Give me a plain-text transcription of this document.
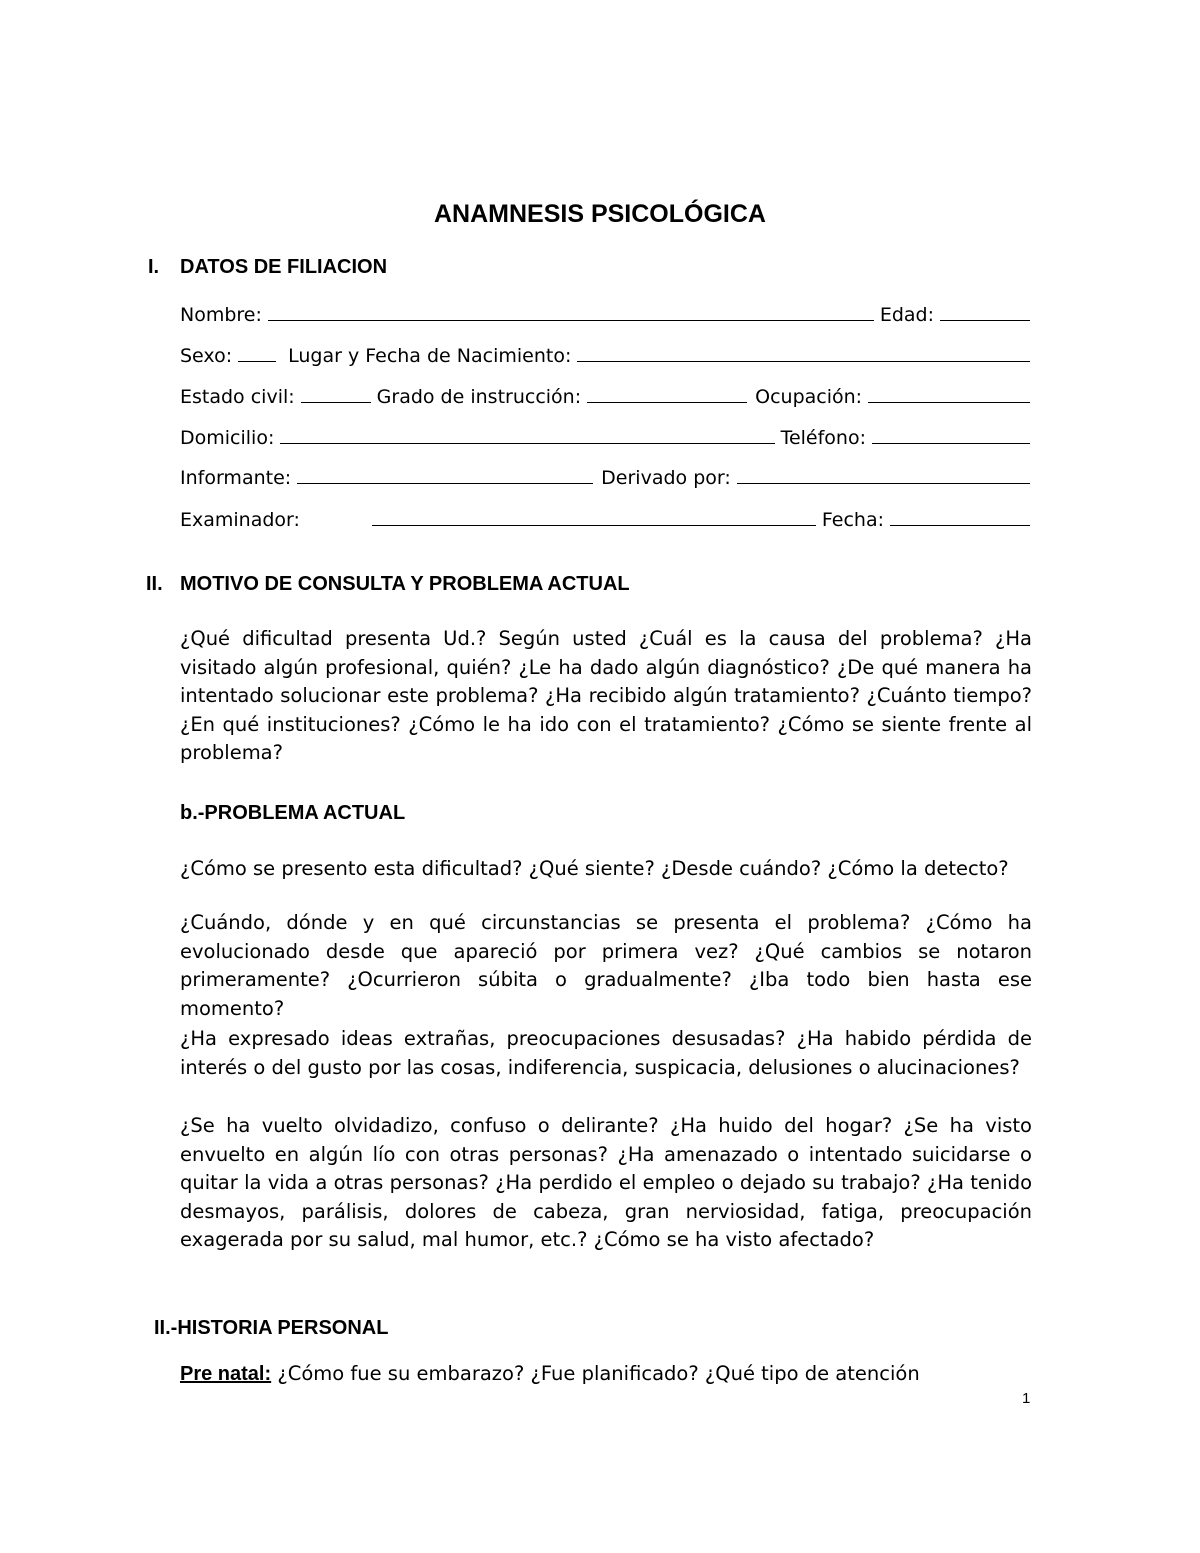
ANAMNESIS PSICOLÓGICA
I. DATOS DE FILIACION
Nombre:	Edad:
Sexo:	Lugar y Fecha de Nacimiento:
Estado civil:	Grado de instrucción:	Ocupación:
Domicilio:	Teléfono:
Informante:	Derivado por:
Examinador:	Fecha:
II. MOTIVO DE CONSULTA Y PROBLEMA ACTUAL

¿Qué dificultad presenta Ud.? Según usted ¿Cuál es la causa del problema? ¿Ha visitado algún profesional, quién? ¿Le ha dado algún diagnóstico? ¿De qué manera ha intentado solucionar este problema? ¿Ha recibido algún tratamiento? ¿Cuánto tiempo? ¿En qué instituciones? ¿Cómo le ha ido con el tratamiento? ¿Cómo se siente frente al problema?

b.-PROBLEMA ACTUAL

¿Cómo se presento esta dificultad? ¿Qué siente? ¿Desde cuándo? ¿Cómo la detecto?

¿Cuándo, dónde y en qué circunstancias se presenta el problema? ¿Cómo ha evolucionado desde que apareció por primera vez? ¿Qué cambios se notaron primeramente? ¿Ocurrieron súbita o gradualmente? ¿Iba todo bien hasta ese momento?

¿Ha expresado ideas extrañas, preocupaciones desusadas? ¿Ha habido pérdida de interés o del gusto por las cosas, indiferencia, suspicacia, delusiones o alucinaciones?

¿Se ha vuelto olvidadizo, confuso o delirante? ¿Ha huido del hogar? ¿Se ha visto envuelto en algún lío con otras personas? ¿Ha amenazado o intentado suicidarse o quitar la vida a otras personas? ¿Ha perdido el empleo o dejado su trabajo? ¿Ha tenido desmayos, parálisis, dolores de cabeza, gran nerviosidad, fatiga, preocupación exagerada por su salud, mal humor, etc.? ¿Cómo se ha visto afectado?

II.-HISTORIA PERSONAL

Pre natal: ¿Cómo fue su embarazo? ¿Fue planificado? ¿Qué tipo de atención

1
